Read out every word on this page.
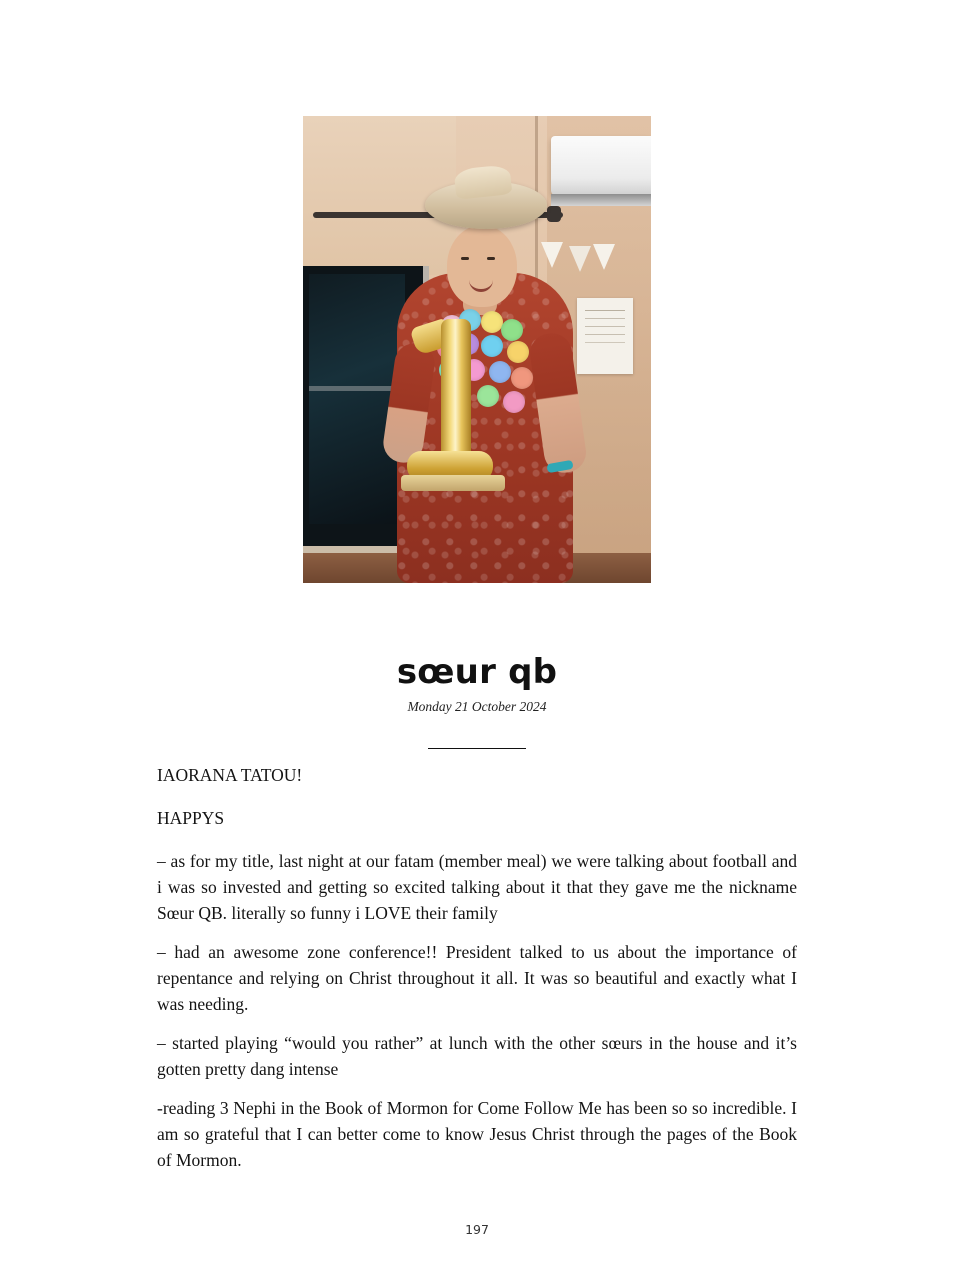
sœur qb
Monday 21 October 2024

IAORANA TATOU!

HAPPYS

– as for my title, last night at our fatam (member meal) we were talking about football and i was so invested and getting so excited talking about it that they gave me the nickname Sœur QB. literally so funny i LOVE their family

– had an awesome zone conference!! President talked to us about the importance of repentance and relying on Christ throughout it all. It was so beautiful and exactly what I was needing.

– started playing “would you rather” at lunch with the other sœurs in the house and it’s gotten pretty dang intense

-reading 3 Nephi in the Book of Mormon for Come Follow Me has been so so incredible. I am so grateful that I can better come to know Jesus Christ through the pages of the Book of Mormon.

197
